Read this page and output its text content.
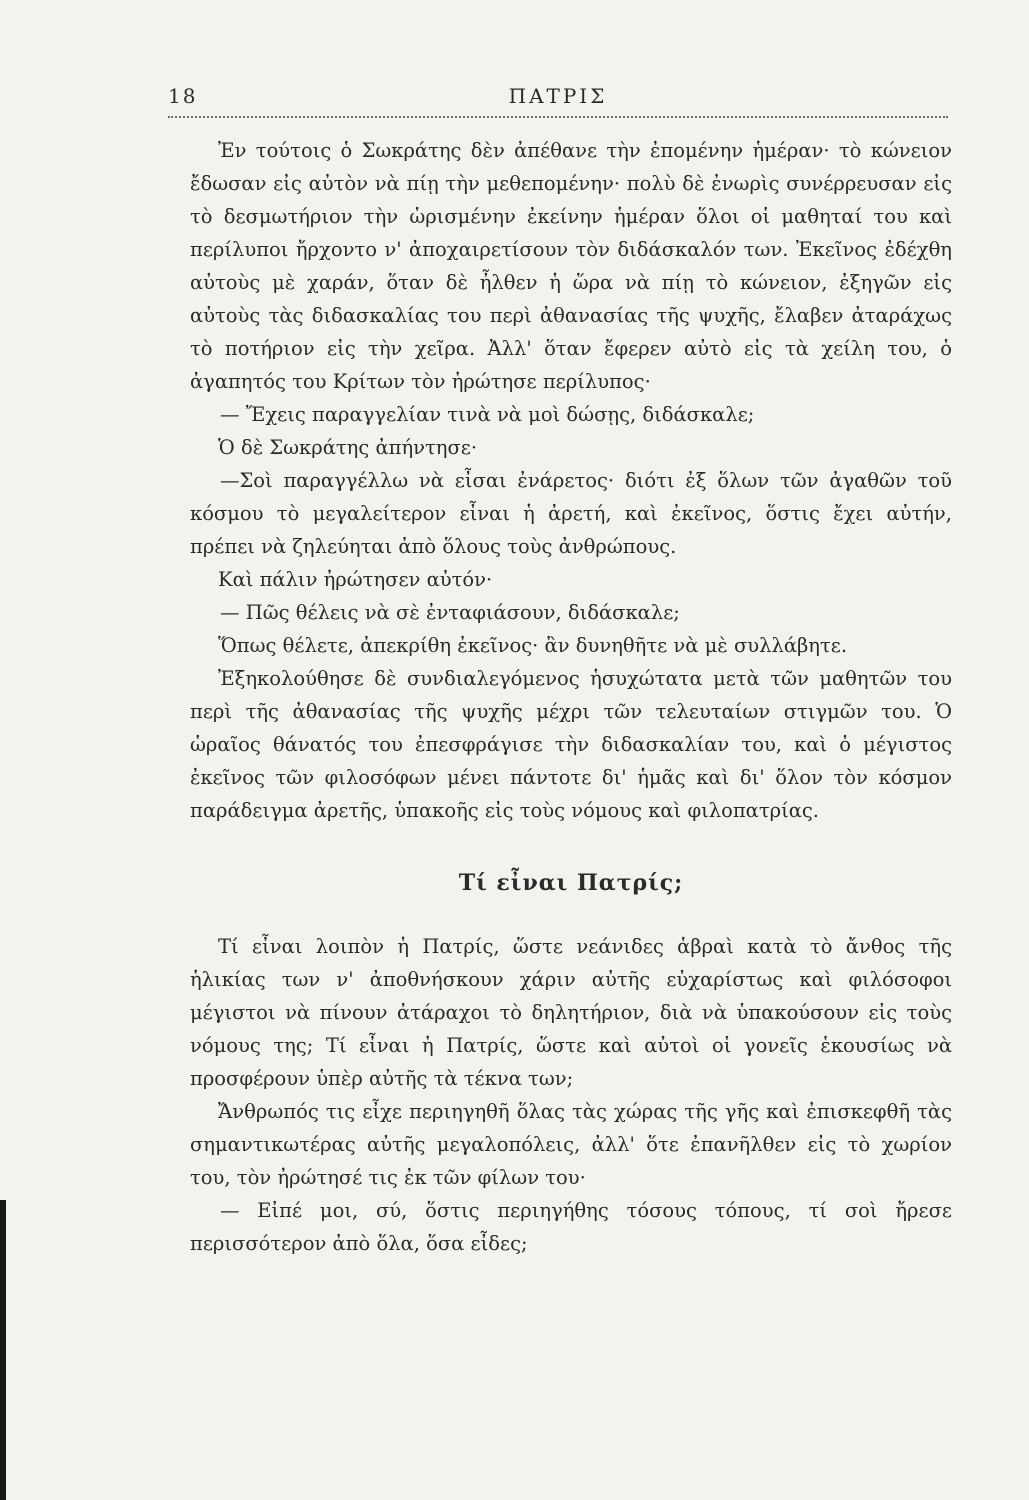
18	ΠΑΤΡΙΣ

Ἐν τούτοις ὁ Σωκράτης δὲν ἀπέθανε τὴν ἐπομένην ἡμέραν· τὸ κώνειον ἔδωσαν εἰς αὐτὸν νὰ πίῃ τὴν μεθεπομένην· πολὺ δὲ ἐνωρὶς συνέρρευσαν εἰς τὸ δεσμωτήριον τὴν ὡρισμένην ἐκείνην ἡμέραν ὅλοι οἱ μαθηταί του καὶ περίλυποι ἤρχοντο ν' ἀποχαιρετίσουν τὸν διδάσκαλόν των. Ἐκεῖνος ἐδέχθη αὐτοὺς μὲ χαράν, ὅταν δὲ ἦλθεν ἡ ὥρα νὰ πίῃ τὸ κώνειον, ἐξηγῶν εἰς αὐτοὺς τὰς διδασκαλίας του περὶ ἀθανασίας τῆς ψυχῆς, ἔλαβεν ἀταράχως τὸ ποτήριον εἰς τὴν χεῖρα. Ἀλλ' ὅταν ἔφερεν αὐτὸ εἰς τὰ χείλη του, ὁ ἀγαπητός του Κρίτων τὸν ἠρώτησε περίλυπος·

— Ἔχεις παραγγελίαν τινὰ νὰ μοὶ δώσῃς, διδάσκαλε;

Ὁ δὲ Σωκράτης ἀπήντησε·

—Σοὶ παραγγέλλω νὰ εἶσαι ἐνάρετος· διότι ἐξ ὅλων τῶν ἀγαθῶν τοῦ κόσμου τὸ μεγαλείτερον εἶναι ἡ ἀρετή, καὶ ἐκεῖνος, ὅστις ἔχει αὐτήν, πρέπει νὰ ζηλεύηται ἀπὸ ὅλους τοὺς ἀνθρώπους.

Καὶ πάλιν ἠρώτησεν αὐτόν·

— Πῶς θέλεις νὰ σὲ ἐνταφιάσουν, διδάσκαλε;

Ὅπως θέλετε, ἀπεκρίθη ἐκεῖνος· ἂν δυνηθῆτε νὰ μὲ συλλάβητε.

Ἐξηκολούθησε δὲ συνδιαλεγόμενος ἡσυχώτατα μετὰ τῶν μαθητῶν του περὶ τῆς ἀθανασίας τῆς ψυχῆς μέχρι τῶν τελευταίων στιγμῶν του. Ὁ ὡραῖος θάνατός του ἐπεσφράγισε τὴν διδασκαλίαν του, καὶ ὁ μέγιστος ἐκεῖνος τῶν φιλοσόφων μένει πάντοτε δι' ἡμᾶς καὶ δι' ὅλον τὸν κόσμον παράδειγμα ἀρετῆς, ὑπακοῆς εἰς τοὺς νόμους καὶ φιλοπατρίας.

Τί εἶναι Πατρίς;

Τί εἶναι λοιπὸν ἡ Πατρίς, ὥστε νεάνιδες ἁβραὶ κατὰ τὸ ἄνθος τῆς ἡλικίας των ν' ἀποθνήσκουν χάριν αὐτῆς εὐχαρίστως καὶ φιλόσοφοι μέγιστοι νὰ πίνουν ἀτάραχοι τὸ δηλητήριον, διὰ νὰ ὑπακούσουν εἰς τοὺς νόμους της; Τί εἶναι ἡ Πατρίς, ὥστε καὶ αὐτοὶ οἱ γονεῖς ἑκουσίως νὰ προσφέρουν ὑπὲρ αὐτῆς τὰ τέκνα των;

Ἄνθρωπός τις εἶχε περιηγηθῆ ὅλας τὰς χώρας τῆς γῆς καὶ ἐπισκεφθῆ τὰς σημαντικωτέρας αὐτῆς μεγαλοπόλεις, ἀλλ' ὅτε ἐπανῆλθεν εἰς τὸ χωρίον του, τὸν ἠρώτησέ τις ἐκ τῶν φίλων του·

— Εἰπέ μοι, σύ, ὅστις περιηγήθης τόσους τόπους, τί σοὶ ἤρεσε περισσότερον ἀπὸ ὅλα, ὅσα εἶδες;
